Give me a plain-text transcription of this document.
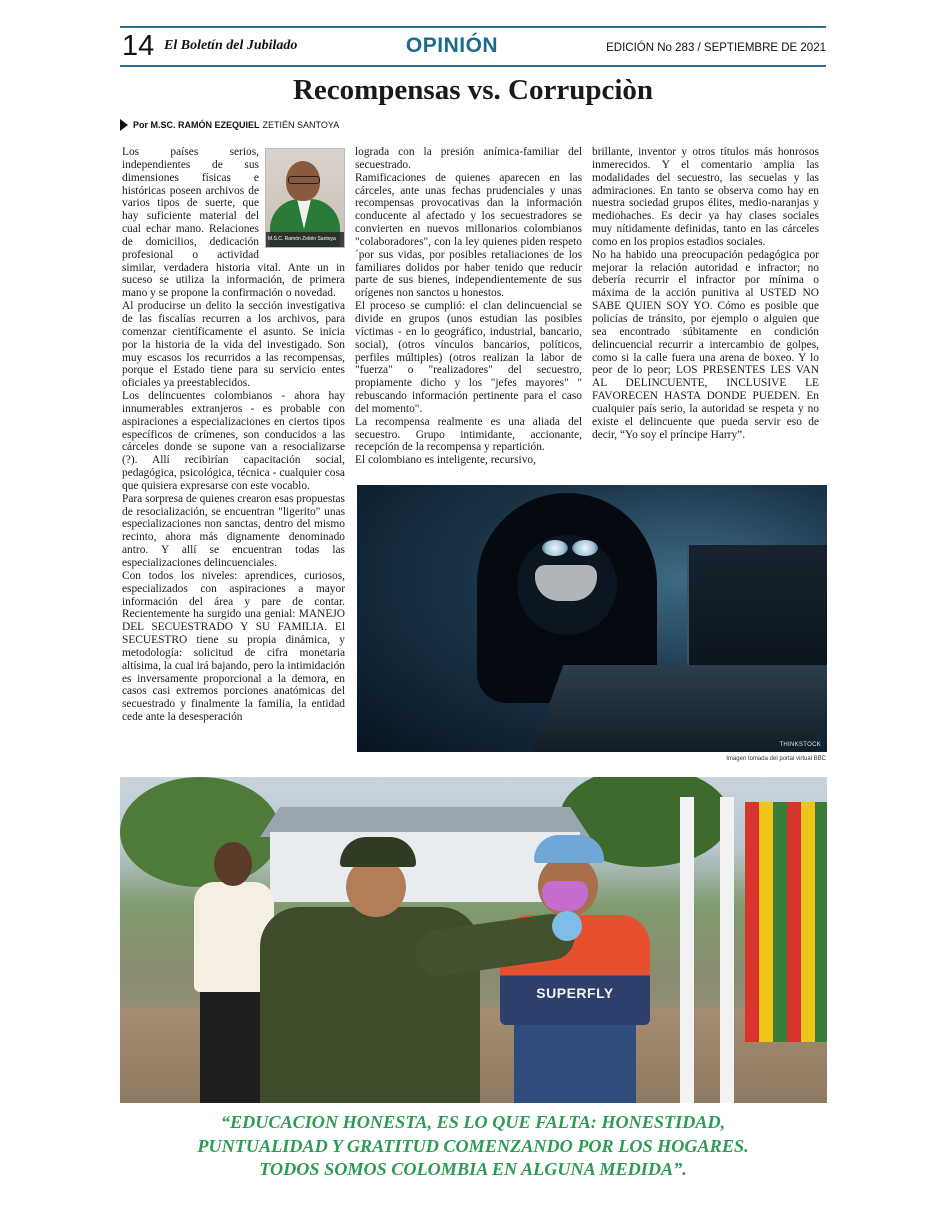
14 El Boletín del Jubilado	OPINIÓN	EDICIÓN No 283 / SEPTIEMBRE DE 2021
Recompensas vs. Corrupciòn
Por M.SC. RAMÓN EZEQUIEL ZETIÉN SANTOYA
M.S.C. Ramón Zetién Santoya

Los países serios, independientes de sus dimensiones físicas e históricas poseen archivos de varios tipos de suerte, que hay suficiente material del cual echar mano. Relaciones de domicilios, dedicación profesional o actividad similar, verdadera historia vital. Ante un in suceso se utiliza la información, de primera mano y se propone la confirmación o novedad.

Al producirse un delito la sección investigativa de las fiscalías recurren a los archivos, para comenzar científicamente el asunto. Se inicia por la historia de la vida del investigado. Son muy escasos los recurridos a las recompensas, porque el Estado tiene para su servicio entes oficiales ya preestablecidos.

Los delincuentes colombianos - ahora hay innumerables extranjeros - es probable con aspiraciones a especializaciones en ciertos tipos específicos de crímenes, son conducidos a las cárceles donde se supone van a resocializarse (?). Allí recibirían capacitación social, pedagógica, psicológica, técnica - cualquier cosa que quisiera expresarse con este vocablo.

Para sorpresa de quienes crearon esas propuestas de resocialización, se encuentran "ligerito" unas especializaciones non sanctas, dentro del mismo recinto, ahora más dignamente denominado antro. Y allí se encuentran todas las especializaciones delincuenciales.

Con todos los niveles: aprendices, curiosos, especializados con aspiraciones a mayor información del área y pare de contar. Recientemente ha surgido una genial: MANEJO DEL SECUESTRADO Y SU FAMILIA. El SECUESTRO tiene su propia dinámica, y metodología: solicitud de cifra monetaria altísima, la cual irá bajando, pero la intimidación es inversamente proporcional a la demora, en casos casi extremos porciones anatómicas del secuestrado y finalmente la familia, la entidad cede ante la desesperación

lograda con la presión anímica-familiar del secuestrado.

Ramificaciones de quienes aparecen en las cárceles, ante unas fechas prudenciales y unas recompensas provocativas dan la información conducente al afectado y los secuestradores se convierten en nuevos millonarios colombianos "colaboradores", con la ley quienes piden respeto ´por sus vidas, por posibles retaliaciones de los familiares dolidos por haber tenido que reducir parte de sus bienes, independientemente de sus orígenes non sanctos u honestos.

El proceso se cumplió: el clan delincuencial se divide en grupos (unos estudian las posibles víctimas - en lo geográfico, industrial, bancario, social), (otros vínculos bancarios, políticos, perfiles múltiples) (otros realizan la labor de "fuerza" o "realizadores" del secuestro, propiamente dicho y los "jefes mayores" " rebuscando información pertinente para el caso del momento".

La recompensa realmente es una aliada del secuestro. Grupo intimidante, accionante, recepción de la recompensa y repartición.

El colombiano es inteligente, recursivo,

brillante, inventor y otros títulos más honrosos inmerecidos. Y el comentario amplia las modalidades del secuestro, las secuelas y las admiraciones. En tanto se observa como hay en nuestra sociedad grupos élites, medio-naranjas y mediohaches. Es decir ya hay clases sociales muy nítidamente definidas, tanto en las cárceles como en los propios estadios sociales.

No ha habido una preocupación pedagógica por mejorar la relación autoridad e infractor; no debería recurrir el infractor por mínima o máxima de la acción punitiva al USTED NO SABE QUIEN SOY YO. Cómo es posible que policías de tránsito, por ejemplo o alguien que sea encontrado súbitamente en condición delincuencial recurrir a intercambio de golpes, como si la calle fuera una arena de boxeo. Y lo peor de lo peor; LOS PRESENTES LES VAN AL DELINCUENTE, INCLUSIVE LE FAVORECEN HASTA DONDE PUEDEN. En cualquier país serio, la autoridad se respeta y no existe el delincuente que pueda servir eso de decir, “Yo soy el príncipe Harry”.

THINKSTOCK
Imagen tomada del portal virtual BBC
SUPERFLY
“EDUCACION HONESTA, ES LO QUE FALTA: HONESTIDAD,
PUNTUALIDAD Y GRATITUD COMENZANDO POR LOS HOGARES.
TODOS SOMOS COLOMBIA EN ALGUNA MEDIDA”.
